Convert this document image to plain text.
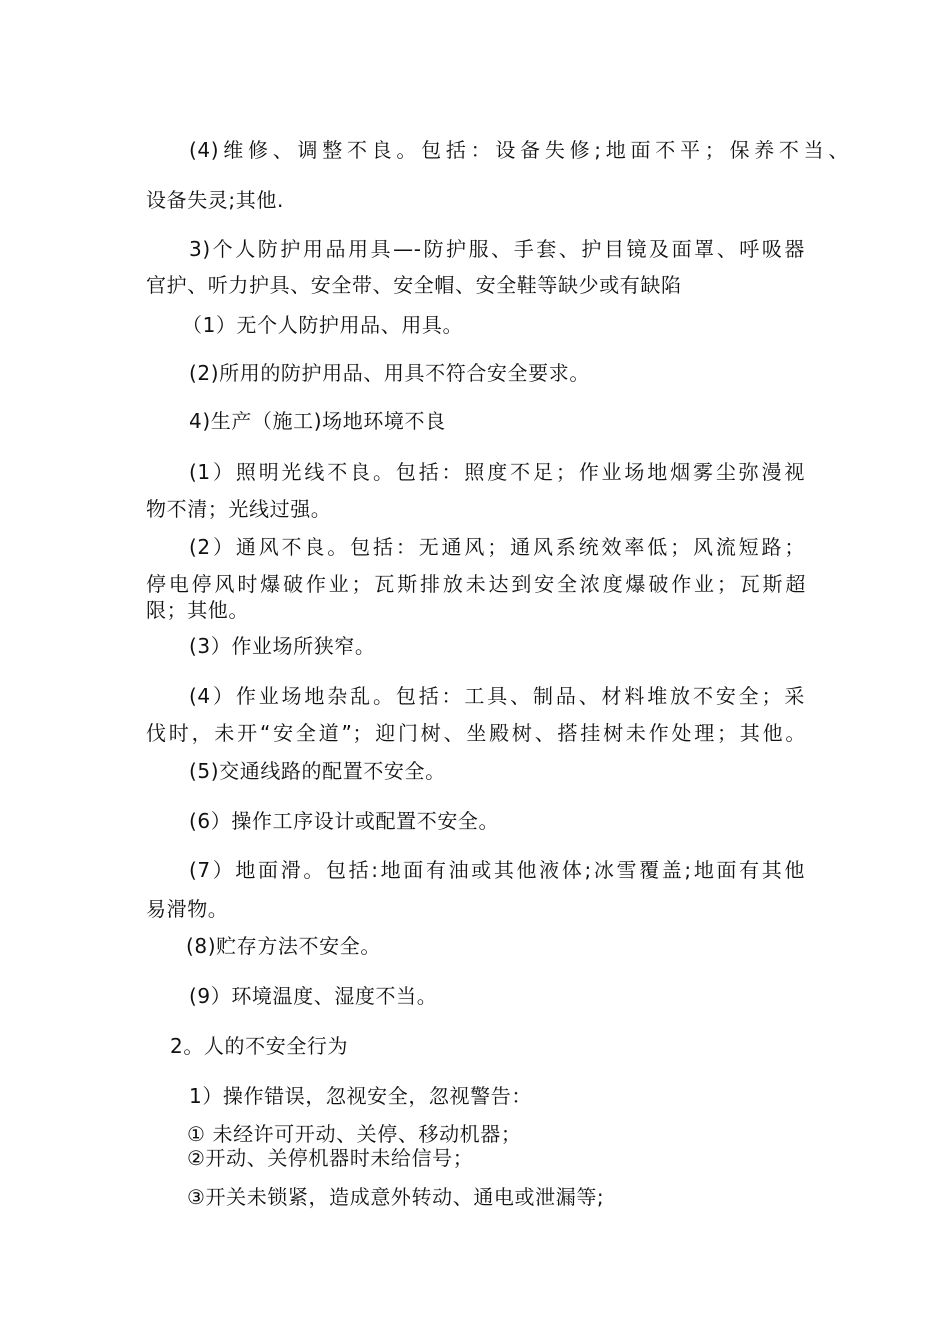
(4)维修、调整不良。包括：设备失修;地面不平；保养不当、
设备失灵;其他.
3)个人防护用品用具—-防护服、手套、护目镜及面罩、呼吸器
官护、听力护具、安全带、安全帽、安全鞋等缺少或有缺陷
（1）无个人防护用品、用具。
(2)所用的防护用品、用具不符合安全要求。
4)生产（施工)场地环境不良
(1）照明光线不良。包括：照度不足；作业场地烟雾尘弥漫视
物不清；光线过强。
(2）通风不良。包括：无通风；通风系统效率低；风流短路；
停电停风时爆破作业；瓦斯排放未达到安全浓度爆破作业；瓦斯超
限；其他。
(3）作业场所狭窄。
(4）作业场地杂乱。包括：工具、制品、材料堆放不安全；采
伐时，未开“安全道”；迎门树、坐殿树、搭挂树未作处理；其他。
(5)交通线路的配置不安全。
(6）操作工序设计或配置不安全。
(7）地面滑。包括:地面有油或其他液体;冰雪覆盖;地面有其他
易滑物。
(8)贮存方法不安全。
(9）环境温度、湿度不当。
2。人的不安全行为
1）操作错误，忽视安全，忽视警告：
① 未经许可开动、关停、移动机器；
②开动、关停机器时未给信号；
③开关未锁紧，造成意外转动、通电或泄漏等;
